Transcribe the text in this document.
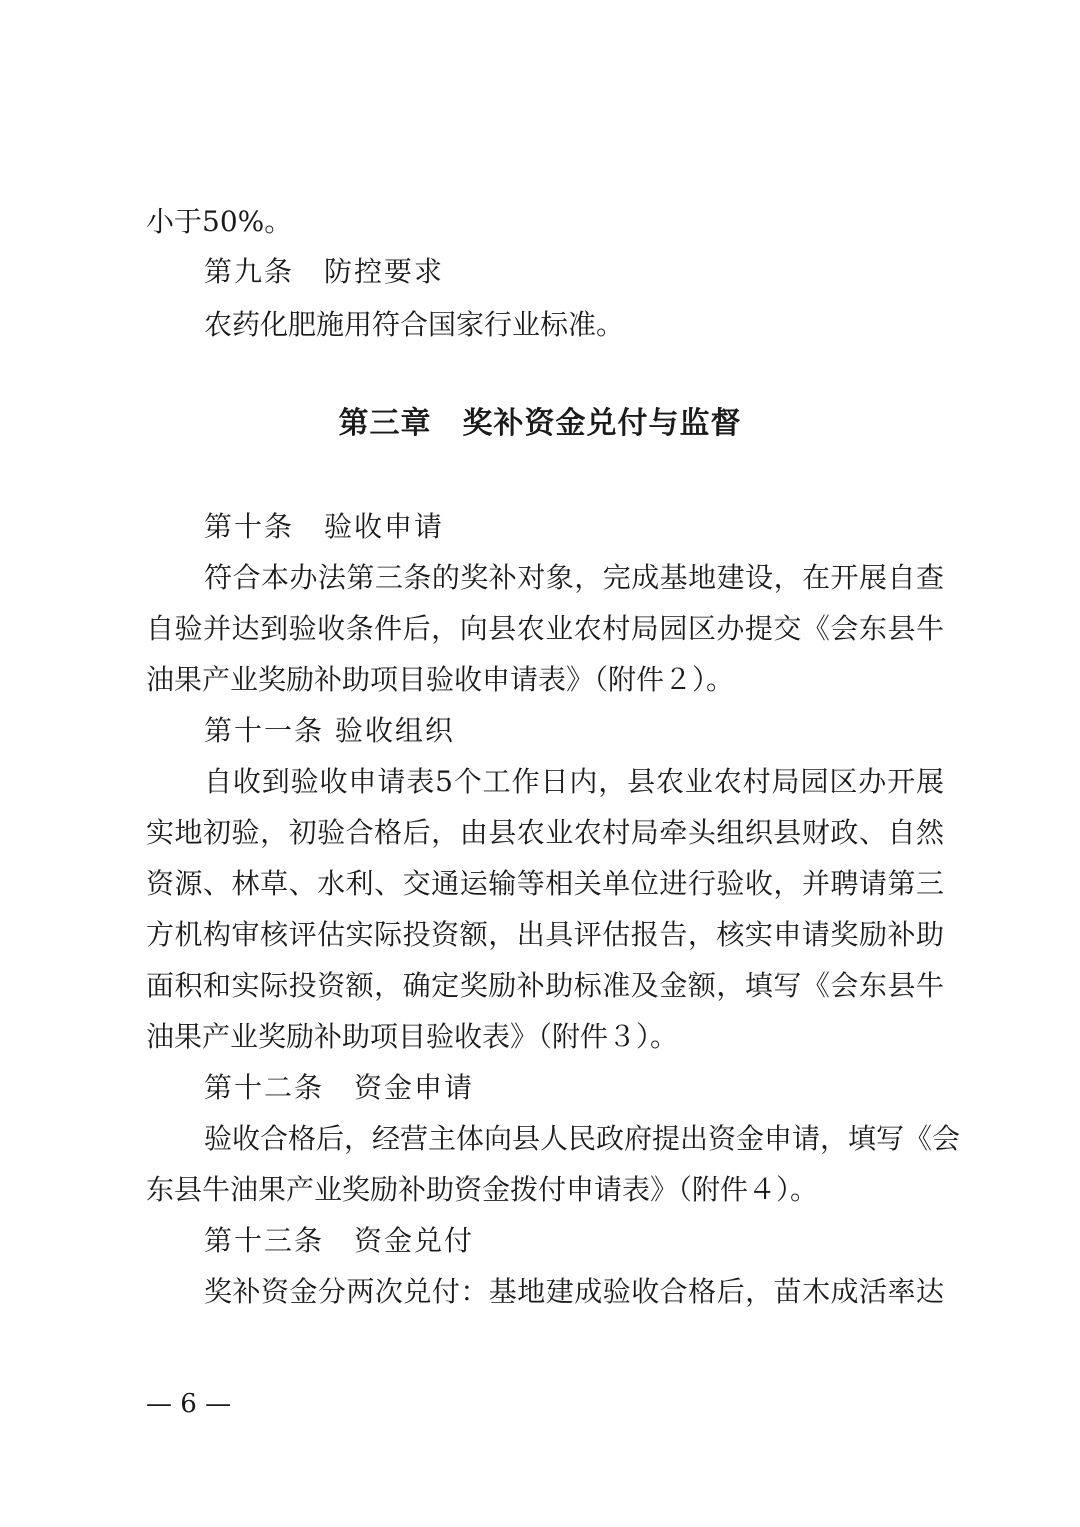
小于50%。
第九条　防控要求
农药化肥施用符合国家行业标准。
第三章　奖补资金兑付与监督
第十条　验收申请
符合本办法第三条的奖补对象，完成基地建设，在开展自查
自验并达到验收条件后，向县农业农村局园区办提交《会东县牛
油果产业奖励补助项目验收申请表》（附件２）。
第十一条 验收组织
自收到验收申请表5个工作日内，县农业农村局园区办开展
实地初验，初验合格后，由县农业农村局牵头组织县财政、自然
资源、林草、水利、交通运输等相关单位进行验收，并聘请第三
方机构审核评估实际投资额，出具评估报告，核实申请奖励补助
面积和实际投资额，确定奖励补助标准及金额，填写《会东县牛
油果产业奖励补助项目验收表》（附件３）。
第十二条　资金申请
验收合格后，经营主体向县人民政府提出资金申请，填写《会
东县牛油果产业奖励补助资金拨付申请表》（附件４）。
第十三条　资金兑付
奖补资金分两次兑付：基地建成验收合格后，苗木成活率达
— 6 —
